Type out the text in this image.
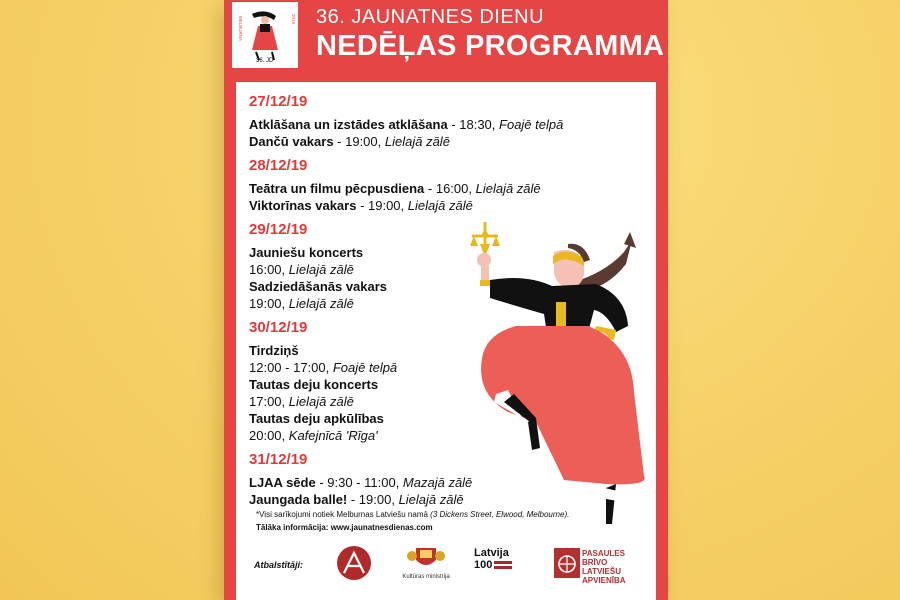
MELBURNA	2019
36. JD
36. JAUNATNES DIENU
NEDĒĻAS PROGRAMMA
27/12/19
Atklāšana un izstādes atklāšana - 18:30, Foajē telpā
Dančū vakars - 19:00, Lielajā zālē
28/12/19
Teātra un filmu pēcpusdiena - 16:00, Lielajā zālē
Viktorīnas vakars - 19:00, Lielajā zālē
29/12/19
Jauniešu koncerts
16:00, Lielajā zālē
Sadziedāšanās vakars
19:00, Lielajā zālē
30/12/19
Tirdziņš
12:00 - 17:00, Foajē telpā
Tautas deju koncerts
17:00, Lielajā zālē
Tautas deju apkūlības
20:00, Kafejnīcā 'Rīga'
31/12/19
LJAA sēde - 9:30 - 11:00, Mazajā zālē
Jaungada balle! - 19:00, Lielajā zālē
*Visi sarīkojumi notiek Melburnas Latviešu namā (3 Dickens Street, Elwood, Melbourne).
Tālāka informācija: www.jaunatnesdienas.com
Atbalstītāji:
Kultūras ministrija
Latvija
100
PASAULES
BRĪVO
LATVIEŠU
APVIENĪBA
